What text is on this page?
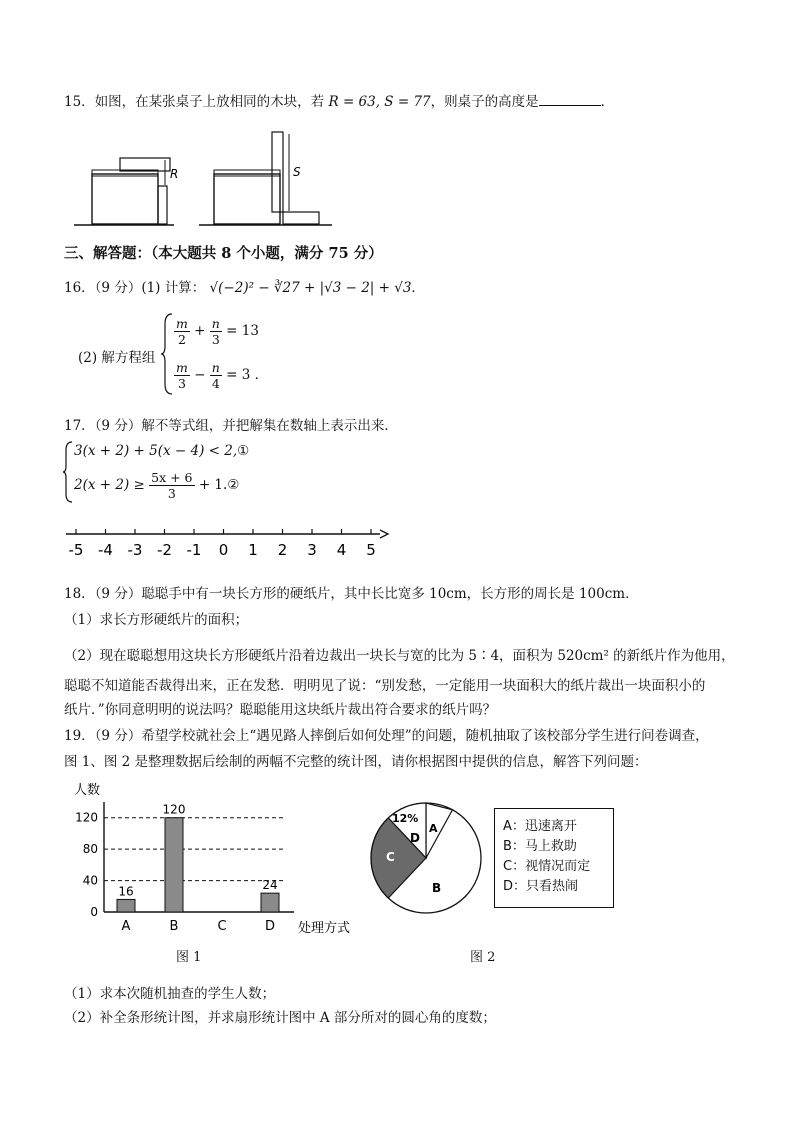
15．如图，在某张桌子上放相同的木块，若 R = 63, S = 77，则桌子的高度是	．
R	S
三、解答题：（本大题共 8 个小题，满分 75 分）
16．（9 分）(1) 计算： √(−2)² − ∛27 + |√3 − 2| + √3．
(2) 解方程组
$\frac{m}{2} + \frac{n}{3} = 13$
$\frac{m}{3} - \frac{n}{4} = 3$ ．
17．（9 分）解不等式组，并把解集在数轴上表示出来．
3(x + 2) + 5(x − 4) < 2,①
$2(x + 2) \ge \frac{5x + 6}{3}$ + 1.②
-5 -4 -3 -2 -1 0 1 2 3 4 5
18．（9 分）聪聪手中有一块长方形的硬纸片，其中长比宽多 10cm，长方形的周长是 100cm．
（1）求长方形硬纸片的面积；
（2）现在聪聪想用这块长方形硬纸片沿着边裁出一块长与宽的比为 5∶4，面积为 520cm² 的新纸片作为他用，
聪聪不知道能否裁得出来，正在发愁．明明见了说：“别发愁，一定能用一块面积大的纸片裁出一块面积小的
纸片．”你同意明明的说法吗？聪聪能用这块纸片裁出符合要求的纸片吗？
19．（9 分）希望学校就社会上“遇见路人摔倒后如何处理”的问题，随机抽取了该校部分学生进行问卷调查，
图 1、图 2 是整理数据后绘制的两幅不完整的统计图，请你根据图中提供的信息，解答下列问题：
人数
0
40
80
120
16
A
120
B	C
24
D 处理方式
图 1
A
B
C
D
12%
图 2
A：迅速离开
B：马上救助
C：视情况而定
D：只看热闹
（1）求本次随机抽查的学生人数；
（2）补全条形统计图，并求扇形统计图中 A 部分所对的圆心角的度数；
